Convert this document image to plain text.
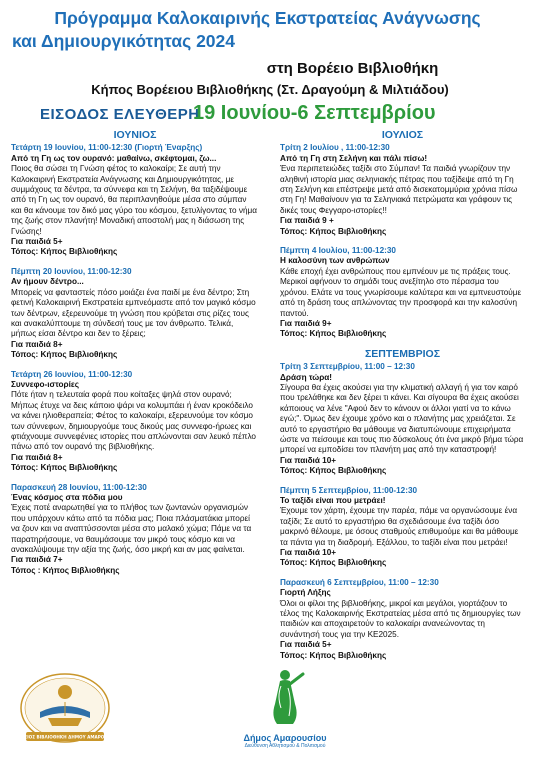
Πρόγραμμα Καλοκαιρινής Εκστρατείας Ανάγνωσης
και Δημιουργικότητας 2024
στη Βορέειο Βιβλιοθήκη
Κήπος Βορέειου Βιβλιοθήκης (Στ. Δραγούμη & Μιλτιάδου)
ΕΙΣΟΔΟΣ ΕΛΕΥΘΕΡΗ
19 Ιουνίου-6 Σεπτεμβρίου
ΙΟΥΝΙΟΣ
Τετάρτη 19 Ιουνίου, 11:00-12:30 (Γιορτή Έναρξης)
Από τη Γη ως τον ουρανό: μαθαίνω, σκέφτομαι, ζω...
Ποιος θα σώσει τη Γνώση φέτος το καλοκαίρι; Σε αυτή την Καλοκαιρινή Εκστρατεία Ανάγνωσης και Δημιουργικότητας, με συμμάχους τα δέντρα, τα σύννεφα και τη Σελήνη, θα ταξιδέψουμε από τη Γη ως τον ουρανό, θα περιπλανηθούμε μέσα στο σύμπαν και θα κάνουμε τον δικό μας γύρο του κόσμου, ξετυλίγοντας το νήμα της ζωής στον πλανήτη! Μοναδική αποστολή μας η διάσωση της Γνώσης!
Για παιδιά 5+
Τόπος: Κήπος Βιβλιοθήκης
Πέμπτη 20 Ιουνίου, 11:00-12:30
Αν ήμουν δέντρο...
Μπορείς να φανταστείς πόσο μοιάζει ένα παιδί με ένα δέντρο; Στη φετινή Καλοκαιρινή Εκστρατεία εμπνεόμαστε από τον μαγικό κόσμο των δέντρων, εξερευνούμε τη γνώση που κρύβεται στις ρίζες τους και ανακαλύπτουμε τη σύνδεσή τους με τον άνθρωπο. Τελικά, μήπως είσαι δέντρο και δεν το ξέρεις;
Για παιδιά 8+
Τόπος: Κήπος Βιβλιοθήκης
Τετάρτη 26 Ιουνίου, 11:00-12:30
Συννεφο-ιστορίες
Πότε ήταν η τελευταία φορά που κοίταξες ψηλά στον ουρανό; Μήπως έτυχε να δεις κάποιο ψάρι να κολυμπάει ή έναν κροκόδειλο να κάνει ηλιοθεραπεία; Φέτος το καλοκαίρι, εξερευνούμε τον κόσμο των σύννεφων, δημιουργούμε τους δικούς μας συννεφο-ήρωες και φτιάχνουμε συννεφένιες ιστορίες που απλώνονται σαν λευκό πέπλο πάνω από τον ουρανό της βιβλιοθήκης.
Για παιδιά 8+
Τόπος: Κήπος Βιβλιοθήκης
Παρασκευή 28 Ιουνίου, 11:00-12:30
Ένας κόσμος στα πόδια μου
Έχεις ποτέ αναρωτηθεί για το πλήθος των ζωντανών οργανισμών που υπάρχουν κάτω από τα πόδια μας; Ποια πλάσματάκια μπορεί να ζουν και να αναπτύσσονται μέσα στο μαλακό χώμα; Πάμε να τα παρατηρήσουμε, να θαυμάσουμε τον μικρό τους κόσμο και να ανακαλύψουμε την αξία της ζωής, όσο μικρή και αν μας φαίνεται.
Για παιδιά 7+
Τόπος : Κήπος Βιβλιοθήκης
ΙΟΥΛΙΟΣ
Τρίτη 2 Ιουλίου , 11:00-12:30
Από τη Γη στη Σελήνη και πάλι πίσω!
Ένα περιπετειώδες ταξίδι στο Σύμπαν! Τα παιδιά γνωρίζουν την αληθινή ιστορία μιας σεληνιακής πέτρας που ταξίδεψε από τη Γη στη Σελήνη και επέστρεψε μετά από δισεκατομμύρια χρόνια πίσω στη Γη! Μαθαίνουν για τα Σεληνιακά πετρώματα και γράφουν τις δικές τους Φεγγαρο-ιστορίες!!
Για παιδιά 9 +
Τόπος: Κήπος Βιβλιοθήκης
Πέμπτη 4 Ιουλίου, 11:00-12:30
Η καλοσύνη των ανθρώπων
Κάθε εποχή έχει ανθρώπους που εμπνέουν με τις πράξεις τους. Μερικοί αφήνουν το σημάδι τους ανεξίτηλο στο πέρασμα του χρόνου. Ελάτε να τους γνωρίσουμε καλύτερα και να εμπνευστούμε από τη δράση τους απλώνοντας την προσφορά και την καλοσύνη παντού.
Για παιδιά 9+
Τόπος: Κήπος Βιβλιοθήκης
ΣΕΠΤΕΜΒΡΙΟΣ
Τρίτη 3 Σεπτεμβρίου, 11:00 – 12:30
Δράση τώρα!
Σίγουρα θα έχεις ακούσει για την κλιματική αλλαγή ή για τον καιρό που τρελάθηκε και δεν ξέρει τι κάνει. Και σίγουρα θα έχεις ακούσει κάποιους να λένε "Αφού δεν το κάνουν οι άλλοι γιατί να το κάνω εγώ;". Όμως δεν έχουμε χρόνο και ο πλανήτης μας χρειάζεται. Σε αυτό το εργαστήριο θα μάθουμε να διατυπώνουμε επιχειρήματα ώστε να πείσουμε και τους πιο δύσκολους ότι ένα μικρό βήμα τώρα μπορεί να εμποδίσει τον πλανήτη μας από την καταστροφή!
Για παιδιά 10+
Τόπος: Κήπος Βιβλιοθήκης
Πέμπτη 5 Σεπτεμβρίου, 11:00-12:30
Το ταξίδι είναι που μετράει!
Έχουμε τον χάρτη, έχουμε την παρέα, πάμε να οργανώσουμε ένα ταξίδι; Σε αυτό το εργαστήριο θα σχεδιάσουμε ένα ταξίδι όσο μακρινό θέλουμε, με όσους σταθμούς επιθυμούμε και θα μάθουμε τα πάντα για τη διαδρομή. Εξάλλου, το ταξίδι είναι που μετράει!
Για παιδιά 10+
Τόπος: Κήπος Βιβλιοθήκης
Παρασκευή 6 Σεπτεμβρίου, 11:00 – 12:30
Γιορτή Λήξης
Όλοι οι φίλοι της βιβλιοθήκης, μικροί και μεγάλοι, γιορτάζουν το τέλος της Καλοκαιρινής Εκστρατείας μέσα από τις δημιουργίες των παιδιών και αποχαιρετούν το καλοκαίρι ανανεώνοντας τη συνάντησή τους για την ΚΕ2025.
Για παιδιά 5+
Τόπος: Κήπος Βιβλιοθήκης
ΒΟΡΕΕΙΟΣ ΒΙΒΛΙΟΘΗΚΗ ΔΗΜΟΥ ΑΜΑΡΟΥΣΙΟΥ	Δήμος Αμαρουσίου
Διεύθυνση Αθλητισμού & Πολιτισμού
